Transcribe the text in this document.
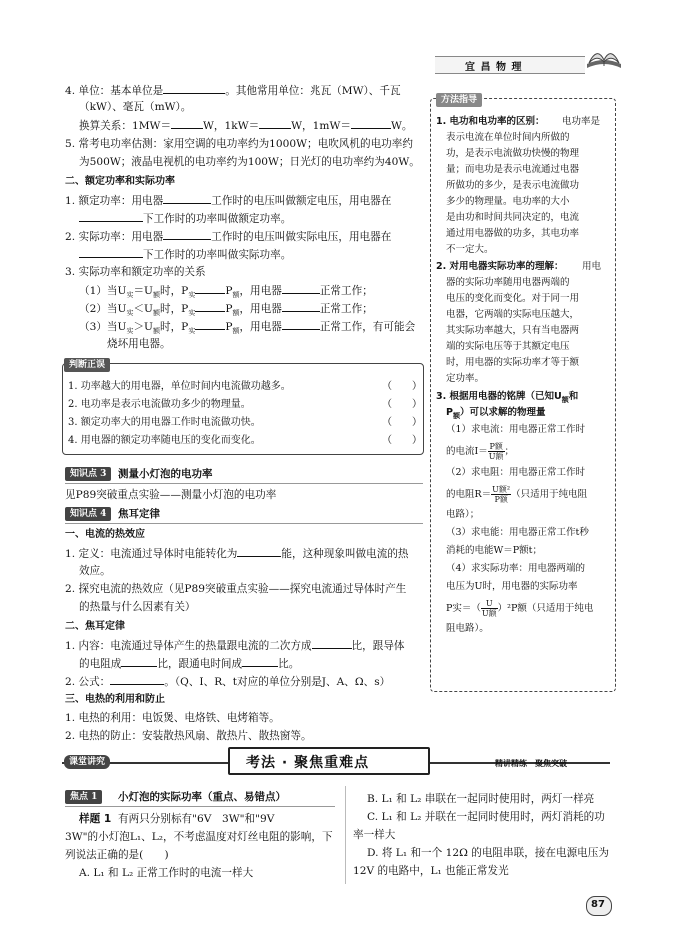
宜 昌 物 理
4. 单位：基本单位是	。其他常用单位：兆瓦（MW）、千瓦
（kW）、毫瓦（mW）。
换算关系：1MW＝	W，1kW＝	W，1mW＝	W。
5. 常考电功率估测：家用空调的电功率约为1000W；电吹风机的电功率约
为500W；液晶电视机的电功率约为100W；日光灯的电功率约为40W。
二、额定功率和实际功率
1. 额定功率：用电器	工作时的电压叫做额定电压，用电器在
下工作时的功率叫做额定功率。
2. 实际功率：用电器	工作时的电压叫做实际电压，用电器在
下工作时的功率叫做实际功率。
3. 实际功率和额定功率的关系
（1）当$U_实=U_额$时，$P_实$	$P_额$，用电器	正常工作；
（2）当$U_实<U_额$时，$P_实$	$P_额$，用电器	正常工作；
（3）当$U_实>U_额$时，$P_实$	$P_额$，用电器	正常工作，有可能会
烧坏用电器。
判断正误
1. 功率越大的用电器，单位时间内电流做功越多。	（　　）
2. 电功率是表示电流做功多少的物理量。	（　　）
3. 额定功率大的用电器工作时电流做功快。	（　　）
4. 用电器的额定功率随电压的变化而变化。	（　　）
知识点 3	测量小灯泡的电功率
见P89突破重点实验——测量小灯泡的电功率
知识点 4	焦耳定律
一、电流的热效应
1. 定义：电流通过导体时电能转化为	能，这种现象叫做电流的热
效应。
2. 探究电流的热效应（见P89突破重点实验——探究电流通过导体时产生
的热量与什么因素有关）
二、焦耳定律
1. 内容：电流通过导体产生的热量跟电流的二次方成	比，跟导体
的电阻成	比，跟通电时间成	比。
2. 公式：	。（Q、I、R、t对应的单位分别是J、A、Ω、s）
三、电热的利用和防止
1. 电热的利用：电饭煲、电烙铁、电烤箱等。
2. 电热的防止：安装散热风扇、散热片、散热窗等。
方法指导
1. 电功和电功率的区别： 电功率是
表示电流在单位时间内所做的
功，是表示电流做功快慢的物理
量；而电功是表示电流通过电器
所做功的多少，是表示电流做功
多少的物理量。电功率的大小
是由功和时间共同决定的，电流
通过用电器做的功多，其电功率
不一定大。
2. 对用电器实际功率的理解： 用电
器的实际功率随用电器两端的
电压的变化而变化。对于同一用
电器，它两端的实际电压越大，
其实际功率越大，只有当电器两
端的实际电压等于其额定电压
时，用电器的实际功率才等于额
定功率。
3. 根据用电器的铭牌（已知$U_额$和
$P_额$）可以求解的物理量
（1）求电流：用电器正常工作时
的电流$I= \frac{\text{P额}}{\text{U额}}$ ；
（2）求电阻：用电器正常工作时
的电阻$R= \frac{\text{U额²}}{\text{P额}}$ （只适用于纯电阻
电路）；
（3）求电能：用电器正常工作t秒
消耗的电能W＝P额t；
（4）求实际功率：用电器两端的
电压为U时，用电器的实际功率
P实＝（ $\frac{U}{\text{U额}} )^2P$额（只适用于纯电
阻电路）。
课堂讲究	考法 · 聚焦重难点	精讲精练　聚焦突破
焦点 1	小灯泡的实际功率（重点、易错点）
样题 1 有两只分别标有"6V　3W"和"9V
3W"的小灯泡L₁、L₂，不考虑温度对灯丝电阻的影响，下
列说法正确的是(　　)
A. L₁ 和 L₂ 正常工作时的电流一样大
B. L₁ 和 L₂ 串联在一起同时使用时，两灯一样亮
C. L₁ 和 L₂ 并联在一起同时使用时，两灯消耗的功
率一样大
D. 将 L₁ 和一个 12Ω 的电阻串联，接在电源电压为
12V 的电路中，L₁ 也能正常发光
87
